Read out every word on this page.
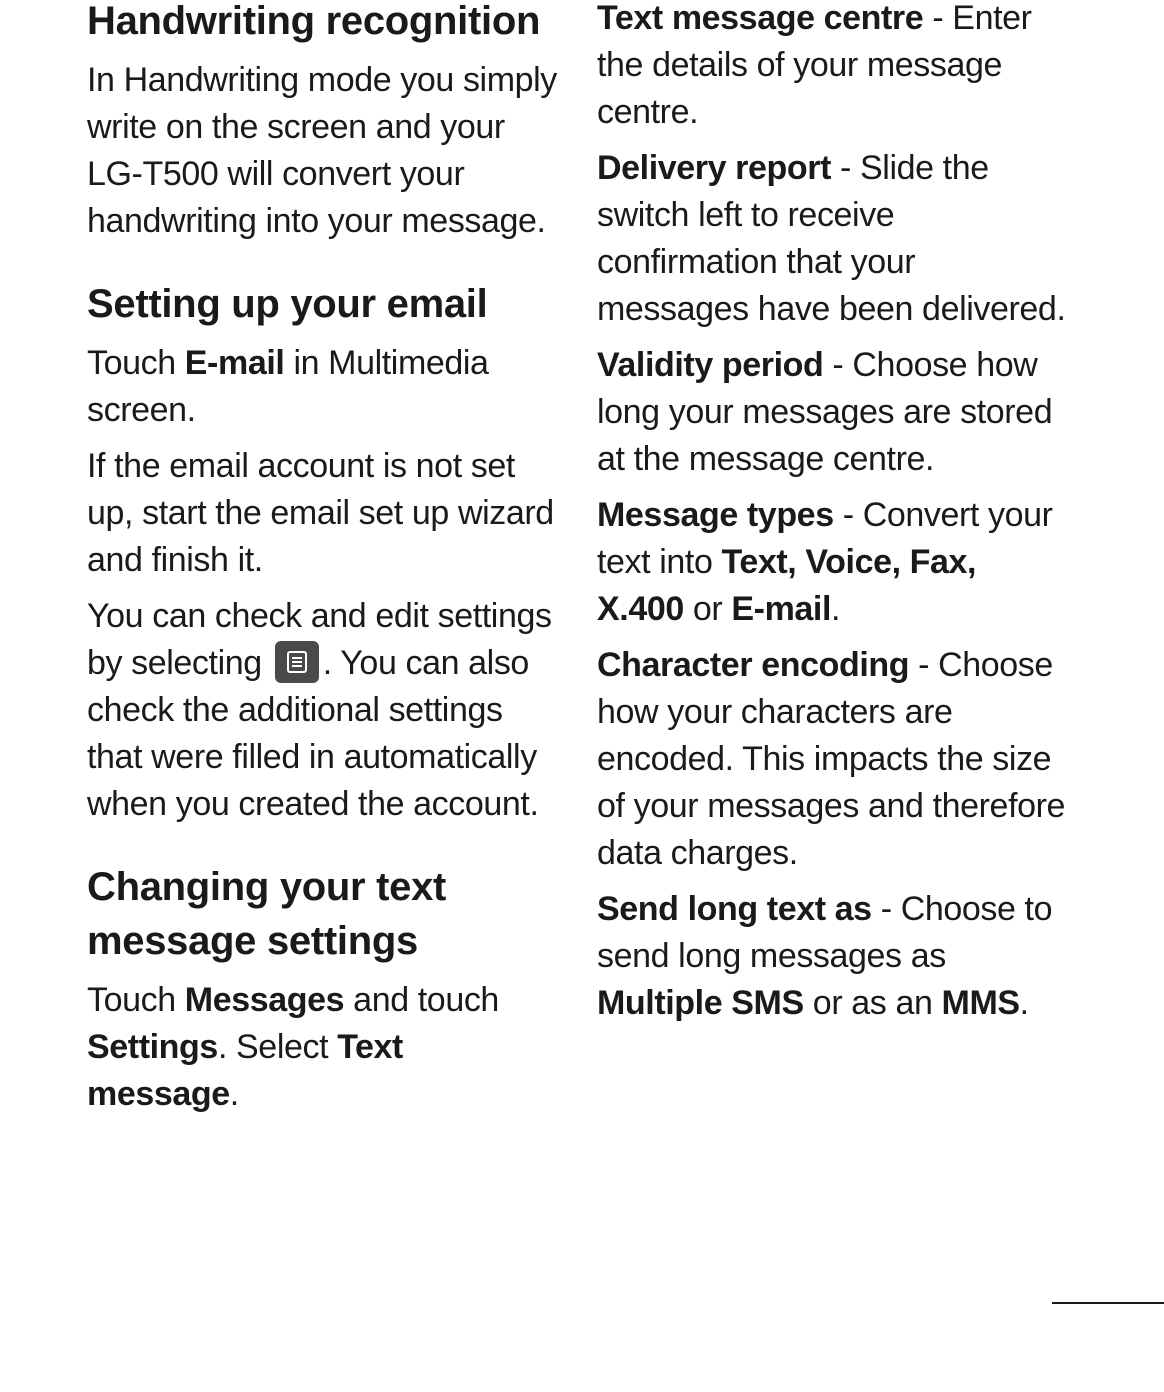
Handwriting recognition

In Handwriting mode you simply write on the screen and your LG-T500 will convert your handwriting into your message.

Setting up your email

Touch E-mail in Multimedia screen.

If the email account is not set up, start the email set up wizard and finish it.

You can check and edit settings by selecting
. You can also check the additional settings that were filled in automatically when you created the account.

Changing your text message settings

Touch Messages and touch Settings. Select Text message.

Text message centre - Enter the details of your message centre.

Delivery report - Slide the switch left to receive confirmation that your messages have been delivered.

Validity period - Choose how long your messages are stored at the message centre.

Message types - Convert your text into Text, Voice, Fax, X.400 or E-mail.

Character encoding - Choose how your characters are encoded. This impacts the size of your messages and therefore data charges.

Send long text as - Choose to send long messages as Multiple SMS or as an MMS.
